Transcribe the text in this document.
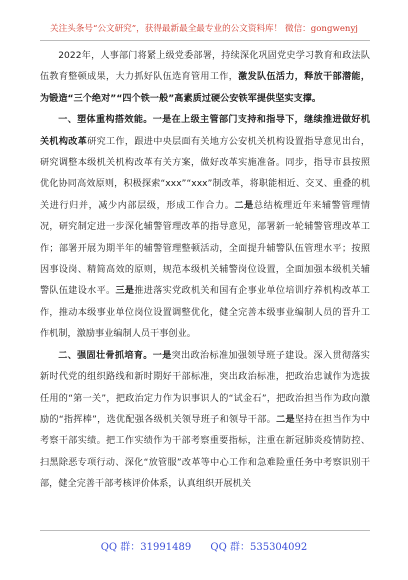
关注头条号“公文研究”，获得最新最全最专业的公文资料库！ 微信：gongwenyj

2022年，人事部门将紧上级党委部署，持续深化巩固党史学习教育和政法队伍教育整顿成果，大力抓好队伍选育管用工作，激发队伍活力，释放干部潜能，为锻造“三个绝对”“四个铁一般”高素质过硬公安铁军提供坚实支撑。

一、塑体重构搭效能。一是在上级主管部门支持和指导下，继续推进做好机关机构改革研究工作，跟进中央层面有关地方公安机关机构设置指导意见出台，研究调整本级机关机构改革有关方案，做好改革实施准备。同步，指导市县按照优化协同高效原则，积极探索“xxx”“xxx”制改革，将职能相近、交叉、重叠的机关进行归并，减少内部层级，形成工作合力。二是总结梳理近年来辅警管理情况，研究制定进一步深化辅警管理改革的指导意见，部署新一轮辅警管理改革工作；部署开展为期半年的辅警管理整顿活动，全面提升辅警队伍管理水平；按照因事设岗、精简高效的原则，规范本级机关辅警岗位设置，全面加强本级机关辅警队伍建设水平。三是推进落实党政机关和国有企事业单位培训疗养机构改革工作，推动本级事业单位岗位设置调整优化，健全完善本级事业编制人员的晋升工作机制，激励事业编制人员干事创业。

二、强固壮骨抓培育。一是突出政治标准加强领导班子建设。深入贯彻落实新时代党的组织路线和新时期好干部标准，突出政治标准，把政治忠诚作为选拔任用的“第一关”，把政治定力作为识事识人的“试金石”，把政治担当作为政向激励的“指挥棒”，选优配强各级机关领导班子和领导干部。二是坚持在担当作为中考察干部实绩。把工作实绩作为干部考察重要指标，注重在新冠肺炎疫情防控、扫黑除恶专项行动、深化“放管服”改革等中心工作和急难险重任务中考察识别干部，健全完善干部考核评价体系，认真组织开展机关

QQ 群：31991489 QQ 群：535304092
